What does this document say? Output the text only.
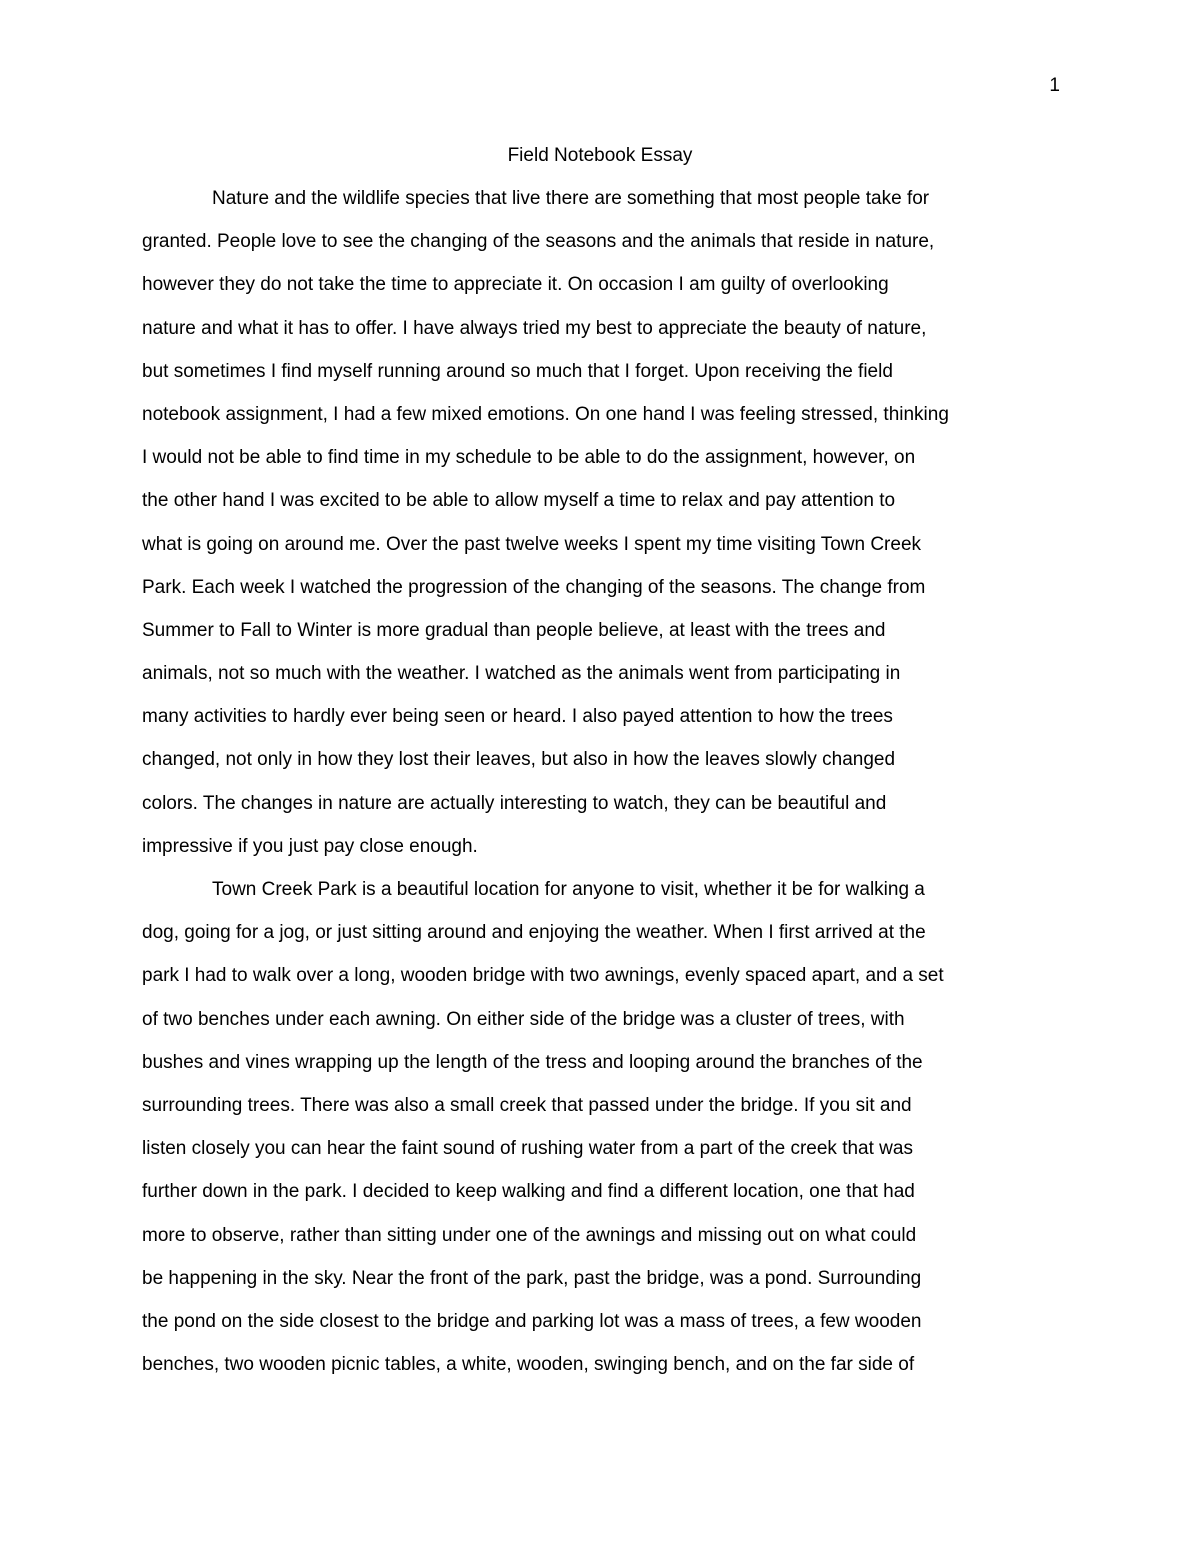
1
Field Notebook Essay
Nature and the wildlife species that live there are something that most people take for
granted. People love to see the changing of the seasons and the animals that reside in nature,
however they do not take the time to appreciate it. On occasion I am guilty of overlooking
nature and what it has to offer. I have always tried my best to appreciate the beauty of nature,
but sometimes I find myself running around so much that I forget. Upon receiving the field
notebook assignment, I had a few mixed emotions. On one hand I was feeling stressed, thinking
I would not be able to find time in my schedule to be able to do the assignment, however, on
the other hand I was excited to be able to allow myself a time to relax and pay attention to
what is going on around me. Over the past twelve weeks I spent my time visiting Town Creek
Park. Each week I watched the progression of the changing of the seasons. The change from
Summer to Fall to Winter is more gradual than people believe, at least with the trees and
animals, not so much with the weather. I watched as the animals went from participating in
many activities to hardly ever being seen or heard. I also payed attention to how the trees
changed, not only in how they lost their leaves, but also in how the leaves slowly changed
colors. The changes in nature are actually interesting to watch, they can be beautiful and
impressive if you just pay close enough.
Town Creek Park is a beautiful location for anyone to visit, whether it be for walking a
dog, going for a jog, or just sitting around and enjoying the weather. When I first arrived at the
park I had to walk over a long, wooden bridge with two awnings, evenly spaced apart, and a set
of two benches under each awning. On either side of the bridge was a cluster of trees, with
bushes and vines wrapping up the length of the tress and looping around the branches of the
surrounding trees. There was also a small creek that passed under the bridge. If you sit and
listen closely you can hear the faint sound of rushing water from a part of the creek that was
further down in the park. I decided to keep walking and find a different location, one that had
more to observe, rather than sitting under one of the awnings and missing out on what could
be happening in the sky. Near the front of the park, past the bridge, was a pond. Surrounding
the pond on the side closest to the bridge and parking lot was a mass of trees, a few wooden
benches, two wooden picnic tables, a white, wooden, swinging bench, and on the far side of
